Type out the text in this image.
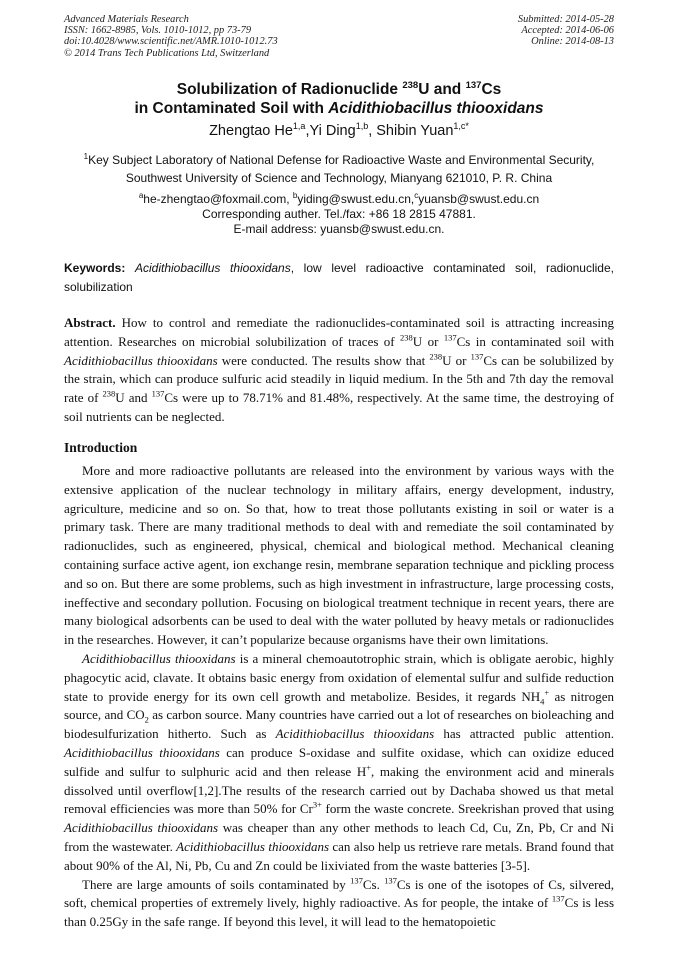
Advanced Materials Research
ISSN: 1662-8985, Vols. 1010-1012, pp 73-79
doi:10.4028/www.scientific.net/AMR.1010-1012.73
© 2014 Trans Tech Publications Ltd, Switzerland
Submitted: 2014-05-28
Accepted: 2014-06-06
Online: 2014-08-13
Solubilization of Radionuclide $^{238}$U and $^{137}$Cs
in Contaminated Soil with Acidithiobacillus thiooxidans
Zhengtao He$^{1,a}$,Yi Ding$^{1,b}$, Shibin Yuan$^{1,c*}$
$^1$Key Subject Laboratory of National Defense for Radioactive Waste and Environmental Security,
Southwest University of Science and Technology, Mianyang 621010, P. R. China
$^a$he-zhengtao@foxmail.com, $^b$yiding@swust.edu.cn,$^c$yuansb@swust.edu.cn
Corresponding auther. Tel./fax: +86 18 2815 47881.
E-mail address: yuansb@swust.edu.cn.
Keywords: Acidithiobacillus thiooxidans, low level radioactive contaminated soil, radionuclide, solubilization
Abstract. How to control and remediate the radionuclides-contaminated soil is attracting increasing attention. Researches on microbial solubilization of traces of $^{238}$U or $^{137}$Cs in contaminated soil with Acidithiobacillus thiooxidans were conducted. The results show that $^{238}$U or $^{137}$Cs can be solubilized by the strain, which can produce sulfuric acid steadily in liquid medium. In the 5th and 7th day the removal rate of $^{238}$U and $^{137}$Cs were up to 78.71% and 81.48%, respectively. At the same time, the destroying of soil nutrients can be neglected.
Introduction

More and more radioactive pollutants are released into the environment by various ways with the extensive application of the nuclear technology in military affairs, energy development, industry, agriculture, medicine and so on. So that, how to treat those pollutants existing in soil or water is a primary task. There are many traditional methods to deal with and remediate the soil contaminated by radionuclides, such as engineered, physical, chemical and biological method. Mechanical cleaning containing surface active agent, ion exchange resin, membrane separation technique and pickling process and so on. But there are some problems, such as high investment in infrastructure, large processing costs, ineffective and secondary pollution. Focusing on biological treatment technique in recent years, there are many biological adsorbents can be used to deal with the water polluted by heavy metals or radionuclides in the researches. However, it can’t popularize because organisms have their own limitations.

Acidithiobacillus thiooxidans is a mineral chemoautotrophic strain, which is obligate aerobic, highly phagocytic acid, clavate. It obtains basic energy from oxidation of elemental sulfur and sulfide reduction state to provide energy for its own cell growth and metabolize. Besides, it regards $NH_4^+$ as nitrogen source, and $CO_2$ as carbon source. Many countries have carried out a lot of researches on bioleaching and biodesulfurization hitherto. Such as Acidithiobacillus thiooxidans has attracted public attention. Acidithiobacillus thiooxidans can produce S-oxidase and sulfite oxidase, which can oxidize educed sulfide and sulfur to sulphuric acid and then release H+, making the environment acid and minerals dissolved until overflow[1,2].The results of the research carried out by Dachaba showed us that metal removal efficiencies was more than 50% for $Cr^{3+}$ form the waste concrete. Sreekrishan proved that using Acidithiobacillus thiooxidans was cheaper than any other methods to leach Cd, Cu, Zn, Pb, Cr and Ni from the wastewater. Acidithiobacillus thiooxidans can also help us retrieve rare metals. Brand found that about 90% of the Al, Ni, Pb, Cu and Zn could be lixiviated from the waste batteries [3-5].

There are large amounts of soils contaminated by $^{137}$Cs. $^{137}$Cs is one of the isotopes of Cs, silvered, soft, chemical properties of extremely lively, highly radioactive. As for people, the intake of $^{137}$Cs is less than 0.25Gy in the safe range. If beyond this level, it will lead to the hematopoietic
